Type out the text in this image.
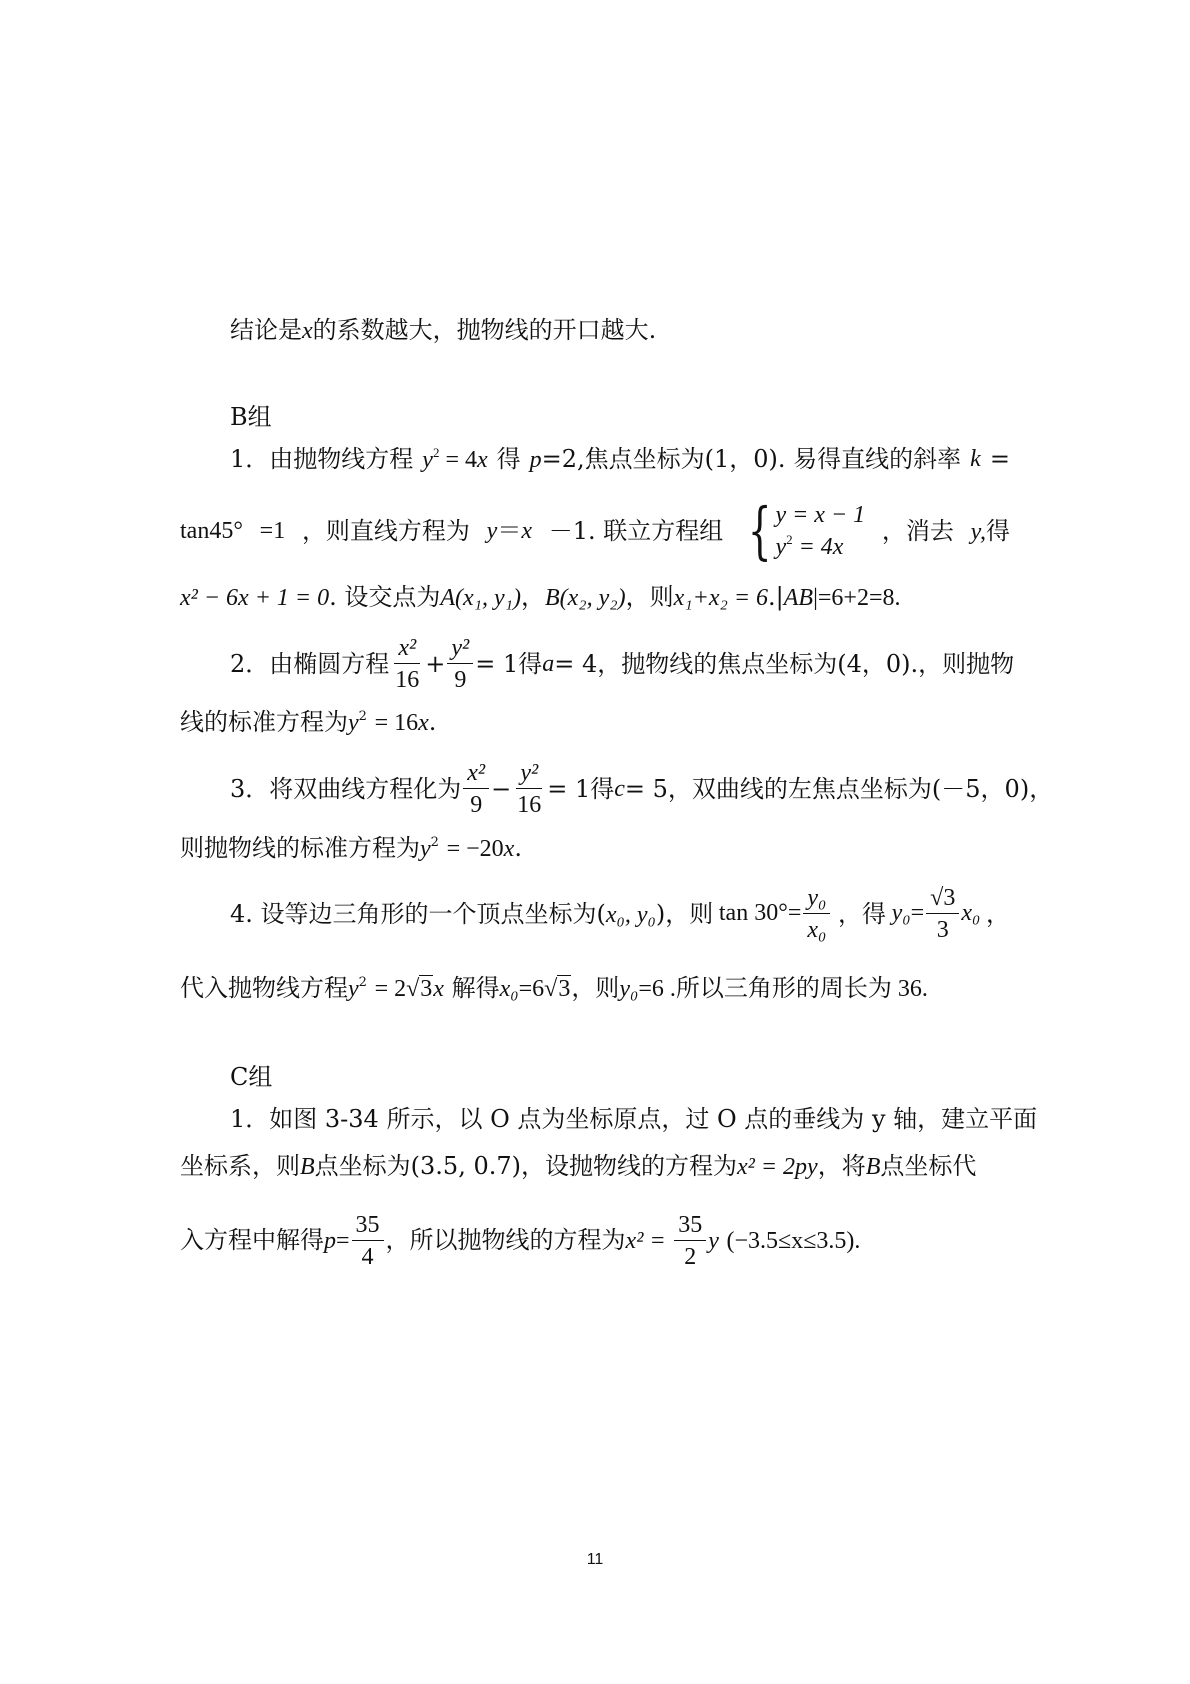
结论是x的系数越大，抛物线的开口越大.
B组
1．由抛物线方程 $y^2 = 4x$ 得 p=2,焦点坐标为(1，0). 易得直线的斜率 k =
tan45° =1 ，则直线方程为 y＝x －1. 联立方程组 { y = x − 1
$y^2 = 4x$
，消去 y,得
x² − 6x + 1 = 0. 设交点为A(x₁, y₁)，B(x₂, y₂)，则x₁+x₂ = 6.|AB|=6+2=8.
2．由椭圆方程 $\frac{\text{x²}}{16} + \frac{\text{y²}}{9} = 1$得 a = 4，抛物线的焦点坐标为(4，0).，则抛物
线的标准方程为$y^2 = 16x$.
3．将双曲线方程化为 $\frac{\text{x²}}{9} - \frac{\text{y²}}{16} = 1$得 c = 5，双曲线的左焦点坐标为(－5，0)，
则抛物线的标准方程为$y^2 = -20x$.
4. 设等边三角形的一个顶点坐标为(x₀, y₀)，则 $\tan 30^\circ= \frac{\text{y₀}}{\text{x₀}}$ ，得 $y_0= \frac{√3}{3} x_0$ ，
代入抛物线方程$y^2 = 2√3x$ 解得x₀=6√3，则y₀=6 .所以三角形的周长为 36.
C组
1．如图 3-34 所示，以 O 点为坐标原点，过 O 点的垂线为 y 轴，建立平面
坐标系，则B点坐标为(3.5, 0.7)，设抛物线的方程为x² = 2py，将B点坐标代
入方程中解得$p= \frac{35}{4}$ ，所以抛物线的方程为$x^2 = \frac{35}{2}$ y (−3.5≤x≤3.5).
11
